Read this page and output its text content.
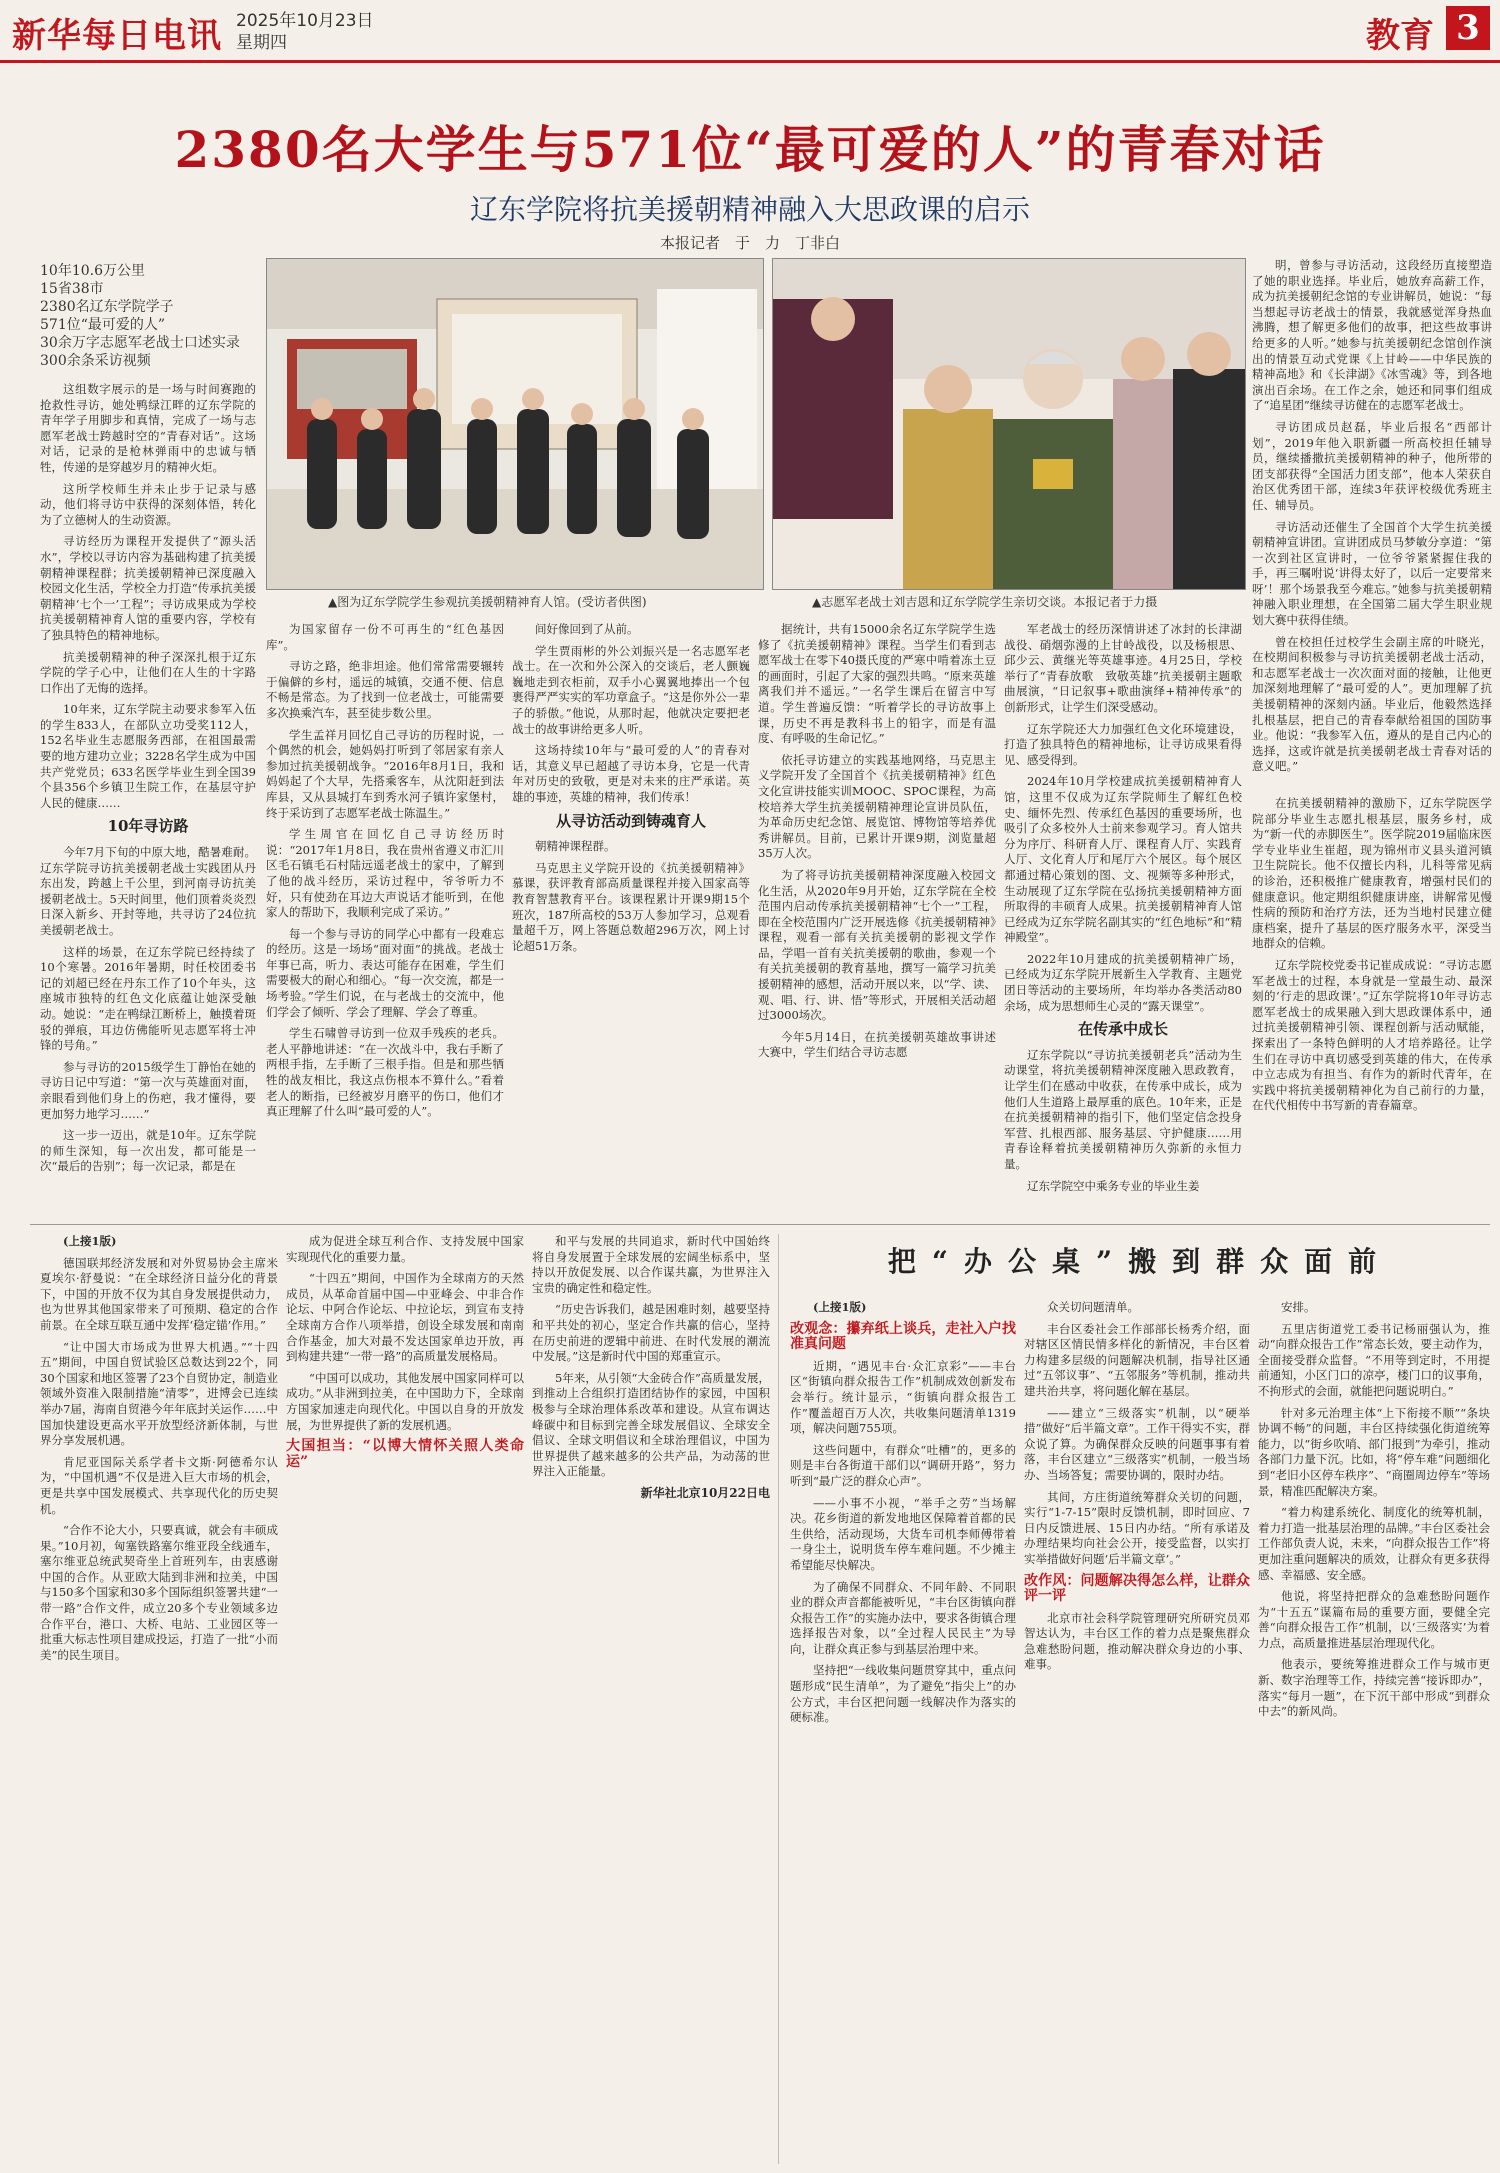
新华每日电讯 2025年10月23日
星期四	教育 3
2380名大学生与571位“最可爱的人”的青春对话
辽东学院将抗美援朝精神融入大思政课的启示
本报记者　于　力　丁非白
10年10.6万公里
15省38市
2380名辽东学院学子
571位“最可爱的人”
30余万字志愿军老战士口述实录
300余条采访视频
▲图为辽东学院学生参观抗美援朝精神育人馆。(受访者供图)	▲志愿军老战士刘吉恩和辽东学院学生亲切交谈。本报记者于力摄

明，曾参与寻访活动，这段经历直接塑造了她的职业选择。毕业后，她放弃高薪工作，成为抗美援朝纪念馆的专业讲解员，她说：“每当想起寻访老战士的情景，我就感觉浑身热血沸腾，想了解更多他们的故事，把这些故事讲给更多的人听。”她参与抗美援朝纪念馆创作演出的情景互动式党课《上甘岭——中华民族的精神高地》和《长津湖》《冰雪魂》等，到各地演出百余场。在工作之余，她还和同事们组成了“追星团”继续寻访健在的志愿军老战士。

寻访团成员赵磊，毕业后报名“西部计划”，2019年他入职新疆一所高校担任辅导员，继续播撒抗美援朝精神的种子，他所带的团支部获得“全国活力团支部”，他本人荣获自治区优秀团干部，连续3年获评校级优秀班主任、辅导员。

寻访活动还催生了全国首个大学生抗美援朝精神宣讲团。宣讲团成员马梦敏分享道：“第一次到社区宣讲时，一位爷爷紧紧握住我的手，再三嘱咐说‘讲得太好了，以后一定要常来呀’！那个场景我至今难忘。”她参与抗美援朝精神融入职业理想，在全国第二届大学生职业规划大赛中获得佳绩。

曾在校担任过校学生会副主席的叶晓光，在校期间积极参与寻访抗美援朝老战士活动，和志愿军老战士一次次面对面的接触，让他更加深刻地理解了“最可爱的人”。更加理解了抗美援朝精神的深刻内涵。毕业后，他毅然选择扎根基层，把自己的青春奉献给祖国的国防事业。他说：“我参军入伍，遵从的是自己内心的选择，这或许就是抗美援朝老战士青春对话的意义吧。”

这组数字展示的是一场与时间赛跑的抢救性寻访，她处鸭绿江畔的辽东学院的青年学子用脚步和真情，完成了一场与志愿军老战士跨越时空的“青春对话”。这场对话，记录的是枪林弹雨中的忠诚与牺牲，传递的是穿越岁月的精神火炬。

这所学校师生并未止步于记录与感动，他们将寻访中获得的深刻体悟，转化为了立德树人的生动资源。

寻访经历为课程开发提供了“源头活水”，学校以寻访内容为基础构建了抗美援朝精神课程群；抗美援朝精神已深度融入校园文化生活，学校全力打造“传承抗美援朝精神‘七个一’工程”；寻访成果成为学校抗美援朝精神育人馆的重要内容，学校有了独具特色的精神地标。

抗美援朝精神的种子深深扎根于辽东学院的学子心中，让他们在人生的十字路口作出了无悔的选择。

10年来，辽东学院主动要求参军入伍的学生833人，在部队立功受奖112人，152名毕业生志愿服务西部，在祖国最需要的地方建功立业；3228名学生成为中国共产党党员；633名医学毕业生到全国39个县356个乡镇卫生院工作，在基层守护人民的健康……

10年寻访路

今年7月下旬的中原大地，酷暑难耐。辽东学院寻访抗美援朝老战士实践团从丹东出发，跨越上千公里，到河南寻访抗美援朝老战士。5天时间里，他们顶着炎炎烈日深入新乡、开封等地，共寻访了24位抗美援朝老战士。

这样的场景，在辽东学院已经持续了10个寒暑。2016年暑期，时任校团委书记的刘超已经在丹东工作了10个年头，这座城市独特的红色文化底蕴让她深受触动。她说：“走在鸭绿江断桥上，触摸着斑驳的弹痕，耳边仿佛能听见志愿军将士冲锋的号角。”

参与寻访的2015级学生丁静怡在她的寻访日记中写道：“第一次与英雄面对面，亲眼看到他们身上的伤疤，我才懂得，要更加努力地学习……”

这一步一迈出，就是10年。辽东学院的师生深知，每一次出发，都可能是一次“最后的告别”；每一次记录，都是在

为国家留存一份不可再生的“红色基因库”。

寻访之路，绝非坦途。他们常常需要辗转于偏僻的乡村，遥远的城镇，交通不便、信息不畅是常态。为了找到一位老战士，可能需要多次换乘汽车，甚至徒步数公里。

学生孟祥月回忆自己寻访的历程时说，一个偶然的机会，她妈妈打听到了邻居家有亲人参加过抗美援朝战争。“2016年8月1日，我和妈妈起了个大早，先搭乘客车，从沈阳赶到法库县，又从县城打车到秀水河子镇许家堡村，终于采访到了志愿军老战士陈温生。”

学生周官在回忆自己寻访经历时说：“2017年1月8日，我在贵州省遵义市汇川区毛石镇毛石村陆远遥老战士的家中，了解到了他的战斗经历，采访过程中，爷爷听力不好，只有使劲在耳边大声说话才能听到，在他家人的帮助下，我顺利完成了采访。”

每一个参与寻访的同学心中都有一段难忘的经历。这是一场场“面对面”的挑战。老战士年事已高，听力、表达可能存在困难，学生们需要极大的耐心和细心。“每一次交流，都是一场考验。”学生们说，在与老战士的交流中，他们学会了倾听、学会了理解、学会了尊重。

学生石啸曾寻访到一位双手残疾的老兵。老人平静地讲述：“在一次战斗中，我右手断了两根手指，左手断了三根手指。但是和那些牺牲的战友相比，我这点伤根本不算什么。”看着老人的断指，已经被岁月磨平的伤口，他们才真正理解了什么叫“最可爱的人”。

间好像回到了从前。

学生贾雨彬的外公刘振兴是一名志愿军老战士。在一次和外公深入的交谈后，老人颤巍巍地走到衣柜前，双手小心翼翼地捧出一个包裹得严严实实的军功章盒子。“这是你外公一辈子的骄傲。”他说，从那时起，他就决定要把老战士的故事讲给更多人听。

这场持续10年与“最可爱的人”的青春对话，其意义早已超越了寻访本身，它是一代青年对历史的致敬，更是对未来的庄严承诺。英雄的事迹，英雄的精神，我们传承！

从寻访活动到铸魂育人

朝精神课程群。

马克思主义学院开设的《抗美援朝精神》慕课，获评教育部高质量课程并接入国家高等教育智慧教育平台。该课程累计开课9期15个班次，187所高校的53万人参加学习，总观看量超千万，网上答题总数超296万次，网上讨论超51万条。

据统计，共有15000余名辽东学院学生选修了《抗美援朝精神》课程。当学生们看到志愿军战士在零下40摄氏度的严寒中啃着冻土豆的画面时，引起了大家的强烈共鸣。“原来英雄离我们并不遥远。”一名学生课后在留言中写道。学生普遍反馈：“听着学长的寻访故事上课，历史不再是教科书上的铅字，而是有温度、有呼吸的生命记忆。”

依托寻访建立的实践基地网络，马克思主义学院开发了全国首个《抗美援朝精神》红色文化宣讲技能实训MOOC、SPOC课程，为高校培养大学生抗美援朝精神理论宣讲员队伍，为革命历史纪念馆、展览馆、博物馆等培养优秀讲解员。目前，已累计开课9期，浏览量超35万人次。

为了将寻访抗美援朝精神深度融入校园文化生活，从2020年9月开始，辽东学院在全校范围内启动传承抗美援朝精神“七个一”工程，即在全校范围内广泛开展选修《抗美援朝精神》课程，观看一部有关抗美援朝的影视文学作品，学唱一首有关抗美援朝的歌曲，参观一个有关抗美援朝的教育基地，撰写一篇学习抗美援朝精神的感想，活动开展以来，以“学、读、观、唱、行、讲、悟”等形式，开展相关活动超过3000场次。

今年5月14日，在抗美援朝英雄故事讲述大赛中，学生们结合寻访志愿

军老战士的经历深情讲述了冰封的长津湖战役、硝烟弥漫的上甘岭战役，以及杨根思、邱少云、黄继光等英雄事迹。4月25日，学校举行了“青春放歌　致敬英雄”抗美援朝主题歌曲展演，“日记叙事+歌曲演绎+精神传承”的创新形式，让学生们深受感动。

辽东学院还大力加强红色文化环境建设，打造了独具特色的精神地标，让寻访成果看得见、感受得到。

2024年10月学校建成抗美援朝精神育人馆，这里不仅成为辽东学院师生了解红色校史、缅怀先烈、传承红色基因的重要场所，也吸引了众多校外人士前来参观学习。育人馆共分为序厅、科研育人厅、课程育人厅、实践育人厅、文化育人厅和尾厅六个展区。每个展区都通过精心策划的图、文、视频等多种形式，生动展现了辽东学院在弘扬抗美援朝精神方面所取得的丰硕育人成果。抗美援朝精神育人馆已经成为辽东学院名副其实的“红色地标”和“精神殿堂”。

2022年10月建成的抗美援朝精神广场，已经成为辽东学院开展新生入学教育、主题党团日等活动的主要场所，年均举办各类活动80余场，成为思想师生心灵的“露天课堂”。

在传承中成长

辽东学院以“寻访抗美援朝老兵”活动为生动课堂，将抗美援朝精神深度融入思政教育，让学生们在感动中收获，在传承中成长，成为他们人生道路上最厚重的底色。10年来，正是在抗美援朝精神的指引下，他们坚定信念投身军营、扎根西部、服务基层、守护健康……用青春诠释着抗美援朝精神历久弥新的永恒力量。

辽东学院空中乘务专业的毕业生姜

在抗美援朝精神的激励下，辽东学院医学院部分毕业生志愿扎根基层，服务乡村，成为“新一代的赤脚医生”。医学院2019届临床医学专业毕业生崔超，现为锦州市义县头道河镇卫生院院长。他不仅擅长内科，儿科等常见病的诊治，还积极推广健康教育，增强村民们的健康意识。他定期组织健康讲座，讲解常见慢性病的预防和治疗方法，还为当地村民建立健康档案，提升了基层的医疗服务水平，深受当地群众的信赖。

辽东学院校党委书记崔成成说：“寻访志愿军老战士的过程，本身就是一堂最生动、最深刻的‘行走的思政课’。”辽东学院将10年寻访志愿军老战士的成果融入到大思政课体系中，通过抗美援朝精神引领、课程创新与活动赋能，探索出了一条特色鲜明的人才培养路径。让学生们在寻访中真切感受到英雄的伟大，在传承中立志成为有担当、有作为的新时代青年，在实践中将抗美援朝精神化为自己前行的力量，在代代相传中书写新的青春篇章。

(上接1版)

德国联邦经济发展和对外贸易协会主席米夏埃尔·舒曼说：“在全球经济日益分化的背景下，中国的开放不仅为其自身发展提供动力，也为世界其他国家带来了可预期、稳定的合作前景。在全球互联互通中发挥‘稳定锚’作用。”

“让中国大市场成为世界大机遇。”“十四五”期间，中国自贸试验区总数达到22个，同30个国家和地区签署了23个自贸协定，制造业领域外资准入限制措施“清零”，进博会已连续举办7届，海南自贸港今年年底封关运作……中国加快建设更高水平开放型经济新体制，与世界分享发展机遇。

肯尼亚国际关系学者卡文斯·阿德希尔认为，“中国机遇”不仅是进入巨大市场的机会，更是共享中国发展模式、共享现代化的历史契机。

“合作不论大小，只要真诚，就会有丰硕成果。”10月初，匈塞铁路塞尔维亚段全线通车，塞尔维亚总统武契奇坐上首班列车，由衷感谢中国的合作。从亚欧大陆到非洲和拉美，中国与150多个国家和30多个国际组织签署共建“一带一路”合作文件，成立20多个专业领域多边合作平台，港口、大桥、电站、工业园区等一批重大标志性项目建成投运，打造了一批“小而美”的民生项目。

成为促进全球互利合作、支持发展中国家实现现代化的重要力量。

“十四五”期间，中国作为全球南方的天然成员，从革命首届中国—中亚峰会、中非合作论坛、中阿合作论坛、中拉论坛，到宣布支持全球南方合作八项举措，创设全球发展和南南合作基金，加大对最不发达国家单边开放，再到构建共建“一带一路”的高质量发展格局。

“中国可以成功，其他发展中国家同样可以成功。”从非洲到拉美，在中国助力下，全球南方国家加速走向现代化。中国以自身的开放发展，为世界提供了新的发展机遇。

大国担当：“以博大情怀关照人类命运”

和平与发展的共同追求，新时代中国始终将自身发展置于全球发展的宏阔坐标系中，坚持以开放促发展、以合作谋共赢，为世界注入宝贵的确定性和稳定性。

“历史告诉我们，越是困难时刻，越要坚持和平共处的初心，坚定合作共赢的信心，坚持在历史前进的逻辑中前进、在时代发展的潮流中发展。”这是新时代中国的郑重宣示。

5年来，从引领“大金砖合作”高质量发展，到推动上合组织打造团结协作的家园，中国积极参与全球治理体系改革和建设。从宣布调达峰碳中和目标到完善全球发展倡议、全球安全倡议、全球文明倡议和全球治理倡议，中国为世界提供了越来越多的公共产品，为动荡的世界注入正能量。

新华社北京10月22日电
把“办公桌”搬到群众面前

(上接1版)

改观念：攥弃纸上谈兵，走社入户找准真问题

近期，“遇见丰台·众汇京彩”——丰台区“街镇向群众报告工作”机制成效创新发布会举行。统计显示，“街镇向群众报告工作”覆盖超百万人次，共收集问题清单1319项，解决问题755项。

这些问题中，有群众“吐槽”的，更多的则是丰台各街道干部们以“调研开路”，努力听到“最广泛的群众心声”。

——小事不小视，“举手之劳”当场解决。花乡街道的新发地地区保障着首都的民生供给，活动现场，大货车司机李师傅带着一身尘土，说明货车停车难问题。不少摊主希望能尽快解决。

为了确保不同群众、不同年龄、不同职业的群众声音都能被听见，“丰台区街镇向群众报告工作”的实施办法中，要求各街镇合理选择报告对象，以“全过程人民民主”为导向，让群众真正参与到基层治理中来。

坚持把“一线收集问题贯穿其中，重点问题形成“民生清单”，为了避免“指尖上”的办公方式，丰台区把问题一线解决作为落实的硬标准。

众关切问题清单。

丰台区委社会工作部部长杨秀介绍，面对辖区区情民情多样化的新情况，丰台区着力构建多层级的问题解决机制，指导社区通过“五邻议事”、“五邻服务”等机制，推动共建共治共享，将问题化解在基层。

——建立“三级落实”机制，以“硬举措”做好“后半篇文章”。工作干得实不实，群众说了算。为确保群众反映的问题事事有着落，丰台区建立“三级落实”机制，一般当场办、当场答复；需要协调的，限时办结。

其间，方庄街道统筹群众关切的问题，实行“1-7-15”限时反馈机制，即时回应、7日内反馈进展、15日内办结。“所有承诺及办理结果均向社会公开，接受监督，以实打实举措做好问题‘后半篇文章’。”

改作风：问题解决得怎么样，让群众评一评

北京市社会科学院管理研究所研究员邓智达认为，丰台区工作的着力点是聚焦群众急难愁盼问题，推动解决群众身边的小事、难事。

安排。

五里店街道党工委书记杨丽强认为，推动“向群众报告工作”常态长效，要主动作为，全面接受群众监督。“不用等到定时，不用提前通知，小区门口的凉亭，楼门口的议事角，不拘形式的会面，就能把问题说明白。”

针对多元治理主体“上下衔接不顺”“条块协调不畅”的问题，丰台区持续强化街道统筹能力，以“街乡吹哨、部门报到”为牵引，推动各部门力量下沉。比如，将“停车难”问题细化到“老旧小区停车秩序”、“商圈周边停车”等场景，精准匹配解决方案。

“着力构建系统化、制度化的统筹机制，着力打造一批基层治理的品牌。”丰台区委社会工作部负责人说，未来，“向群众报告工作”将更加注重问题解决的质效，让群众有更多获得感、幸福感、安全感。

他说，将坚持把群众的急难愁盼问题作为“十五五”谋篇布局的重要方面，要健全完善“向群众报告工作”机制，以‘三级落实’为着力点，高质量推进基层治理现代化。

他表示，要统筹推进群众工作与城市更新、数字治理等工作，持续完善“接诉即办”，落实“每月一题”，在下沉干部中形成“到群众中去”的新风尚。
